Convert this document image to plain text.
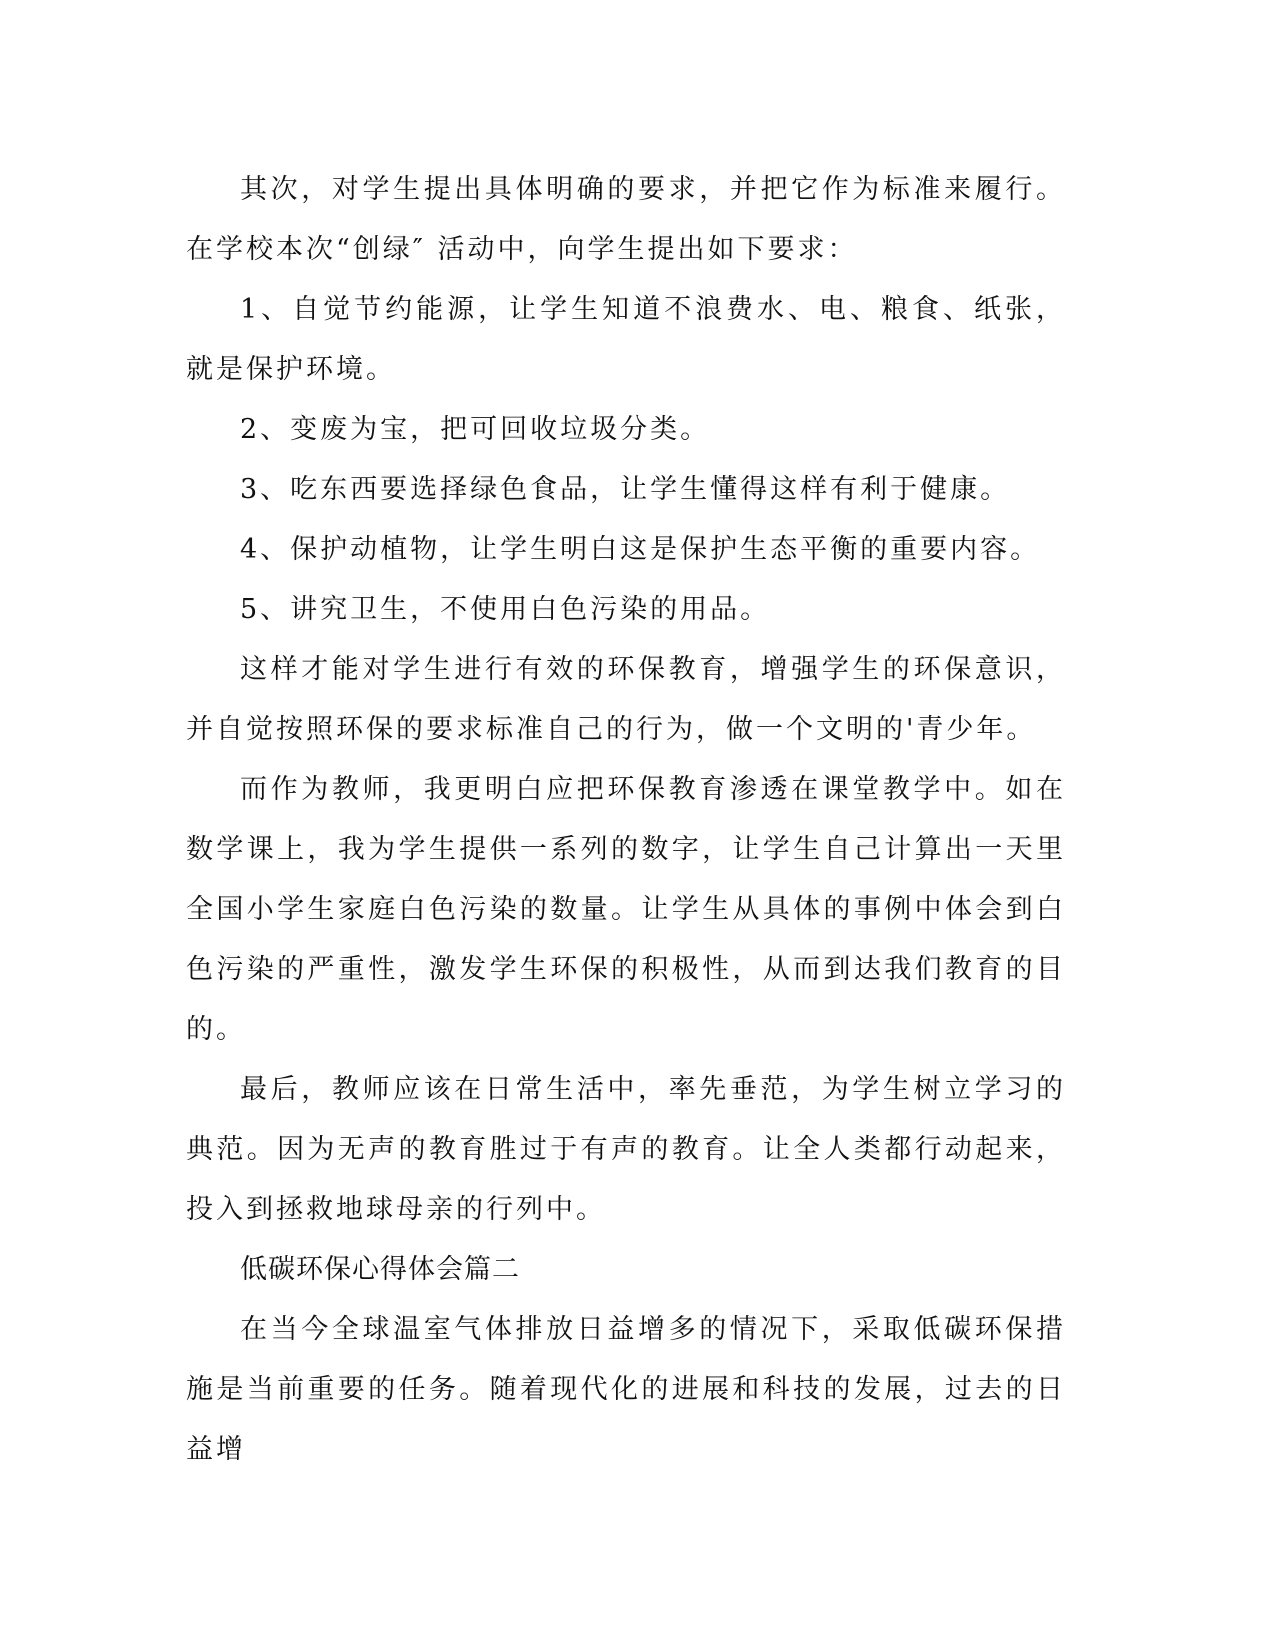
其次，对学生提出具体明确的要求，并把它作为标准来履行。在学校本次“创绿″ 活动中，向学生提出如下要求：

1、自觉节约能源，让学生知道不浪费水、电、粮食、纸张，就是保护环境。

2、变废为宝，把可回收垃圾分类。

3、吃东西要选择绿色食品，让学生懂得这样有利于健康。

4、保护动植物，让学生明白这是保护生态平衡的重要内容。

5、讲究卫生，不使用白色污染的用品。

这样才能对学生进行有效的环保教育，增强学生的环保意识，并自觉按照环保的要求标准自己的行为，做一个文明的'青少年。

而作为教师，我更明白应把环保教育渗透在课堂教学中。如在数学课上，我为学生提供一系列的数字，让学生自己计算出一天里全国小学生家庭白色污染的数量。让学生从具体的事例中体会到白色污染的严重性，激发学生环保的积极性，从而到达我们教育的目的。

最后，教师应该在日常生活中，率先垂范，为学生树立学习的典范。因为无声的教育胜过于有声的教育。让全人类都行动起来，投入到拯救地球母亲的行列中。

低碳环保心得体会篇二

在当今全球温室气体排放日益增多的情况下，采取低碳环保措施是当前重要的任务。随着现代化的进展和科技的发展，过去的日益增
